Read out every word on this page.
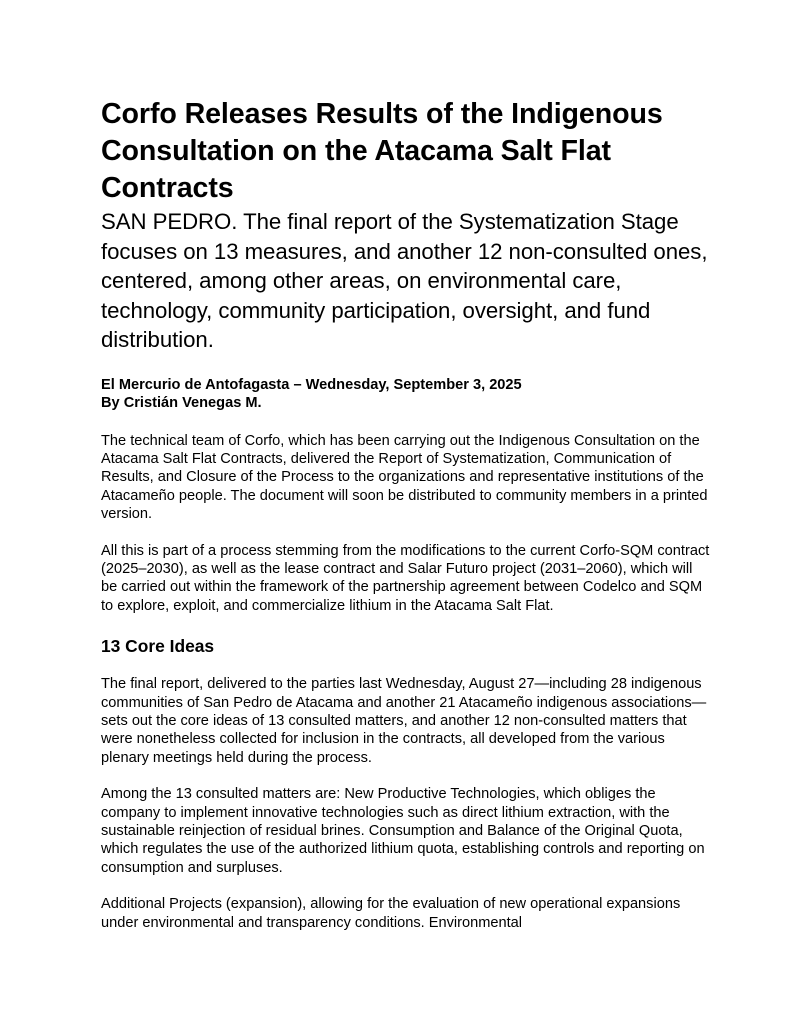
Corfo Releases Results of the Indigenous Consultation on the Atacama Salt Flat Contracts

SAN PEDRO. The final report of the Systematization Stage focuses on 13 measures, and another 12 non-consulted ones, centered, among other areas, on environmental care, technology, community participation, oversight, and fund distribution.

El Mercurio de Antofagasta – Wednesday, September 3, 2025
By Cristián Venegas M.

The technical team of Corfo, which has been carrying out the Indigenous Consultation on the Atacama Salt Flat Contracts, delivered the Report of Systematization, Communication of Results, and Closure of the Process to the organizations and representative institutions of the Atacameño people. The document will soon be distributed to community members in a printed version.

All this is part of a process stemming from the modifications to the current Corfo-SQM contract (2025–2030), as well as the lease contract and Salar Futuro project (2031–2060), which will be carried out within the framework of the partnership agreement between Codelco and SQM to explore, exploit, and commercialize lithium in the Atacama Salt Flat.

13 Core Ideas

The final report, delivered to the parties last Wednesday, August 27—including 28 indigenous communities of San Pedro de Atacama and another 21 Atacameño indigenous associations—sets out the core ideas of 13 consulted matters, and another 12 non-consulted matters that were nonetheless collected for inclusion in the contracts, all developed from the various plenary meetings held during the process.

Among the 13 consulted matters are: New Productive Technologies, which obliges the company to implement innovative technologies such as direct lithium extraction, with the sustainable reinjection of residual brines. Consumption and Balance of the Original Quota, which regulates the use of the authorized lithium quota, establishing controls and reporting on consumption and surpluses.

Additional Projects (expansion), allowing for the evaluation of new operational expansions under environmental and transparency conditions. Environmental
